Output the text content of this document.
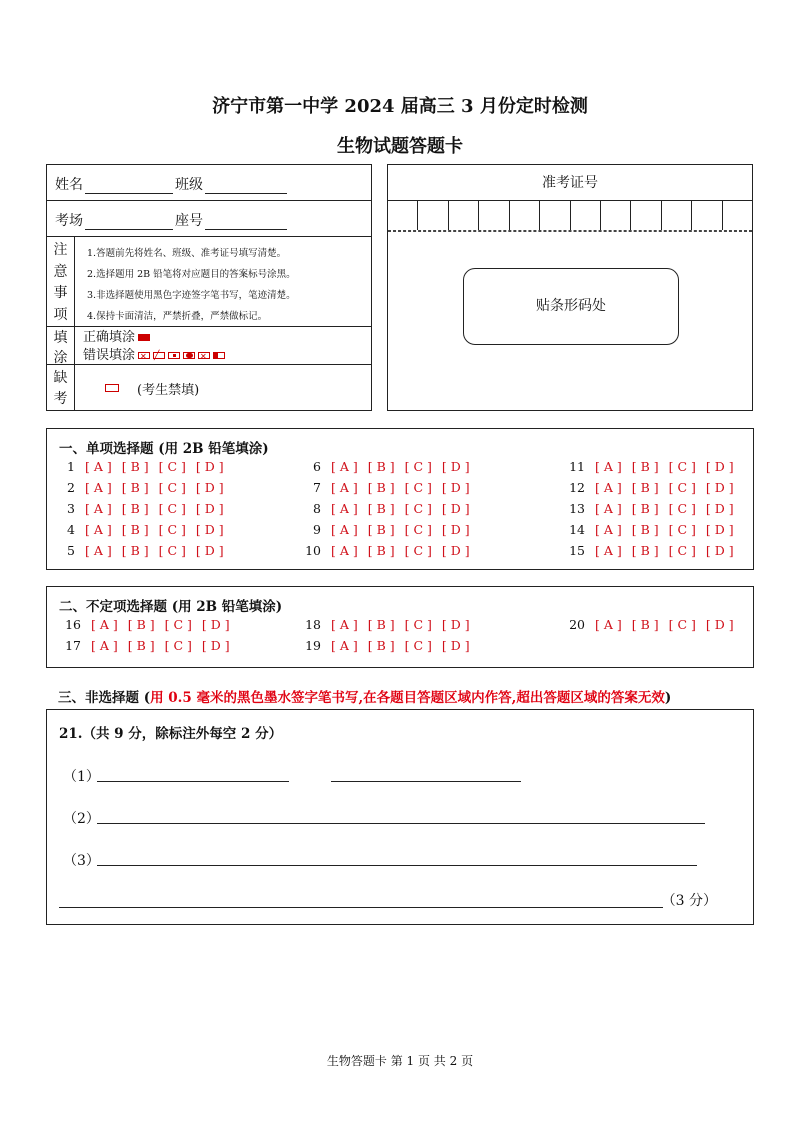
济宁市第一中学 2024 届高三 3 月份定时检测
生物试题答题卡
姓名	班级
考场	座号
注
意
事
项
1.答题前先将姓名、班级、准考证号填写清楚。
2.选择题用 2B 铅笔将对应题目的答案标号涂黑。
3.非选择题使用黑色字迹签字笔书写，笔迹清楚。
4.保持卡面清洁，严禁折叠，严禁做标记。
填
涂
正确填涂
错误填涂✕╱✕
缺
考
(考生禁填)
准考证号
贴条形码处
一、单项选择题 (用 2B 铅笔填涂)
1 [ A ] [ B ] [ C ] [ D ]
2 [ A ] [ B ] [ C ] [ D ]
3 [ A ] [ B ] [ C ] [ D ]
4 [ A ] [ B ] [ C ] [ D ]
5 [ A ] [ B ] [ C ] [ D ]
6 [ A ] [ B ] [ C ] [ D ]
7 [ A ] [ B ] [ C ] [ D ]
8 [ A ] [ B ] [ C ] [ D ]
9 [ A ] [ B ] [ C ] [ D ]
10 [ A ] [ B ] [ C ] [ D ]
11 [ A ] [ B ] [ C ] [ D ]
12 [ A ] [ B ] [ C ] [ D ]
13 [ A ] [ B ] [ C ] [ D ]
14 [ A ] [ B ] [ C ] [ D ]
15 [ A ] [ B ] [ C ] [ D ]
二、不定项选择题 (用 2B 铅笔填涂)
16 [ A ] [ B ] [ C ] [ D ]
17 [ A ] [ B ] [ C ] [ D ]
18 [ A ] [ B ] [ C ] [ D ]
19 [ A ] [ B ] [ C ] [ D ]
20 [ A ] [ B ] [ C ] [ D ]
三、非选择题 (用 0.5 毫米的黑色墨水签字笔书写,在各题目答题区域内作答,超出答题区域的答案无效)
21.（共 9 分，除标注外每空 2 分）
（1）
（2）
（3）
（3 分）
生物答题卡 第 1 页 共 2 页
